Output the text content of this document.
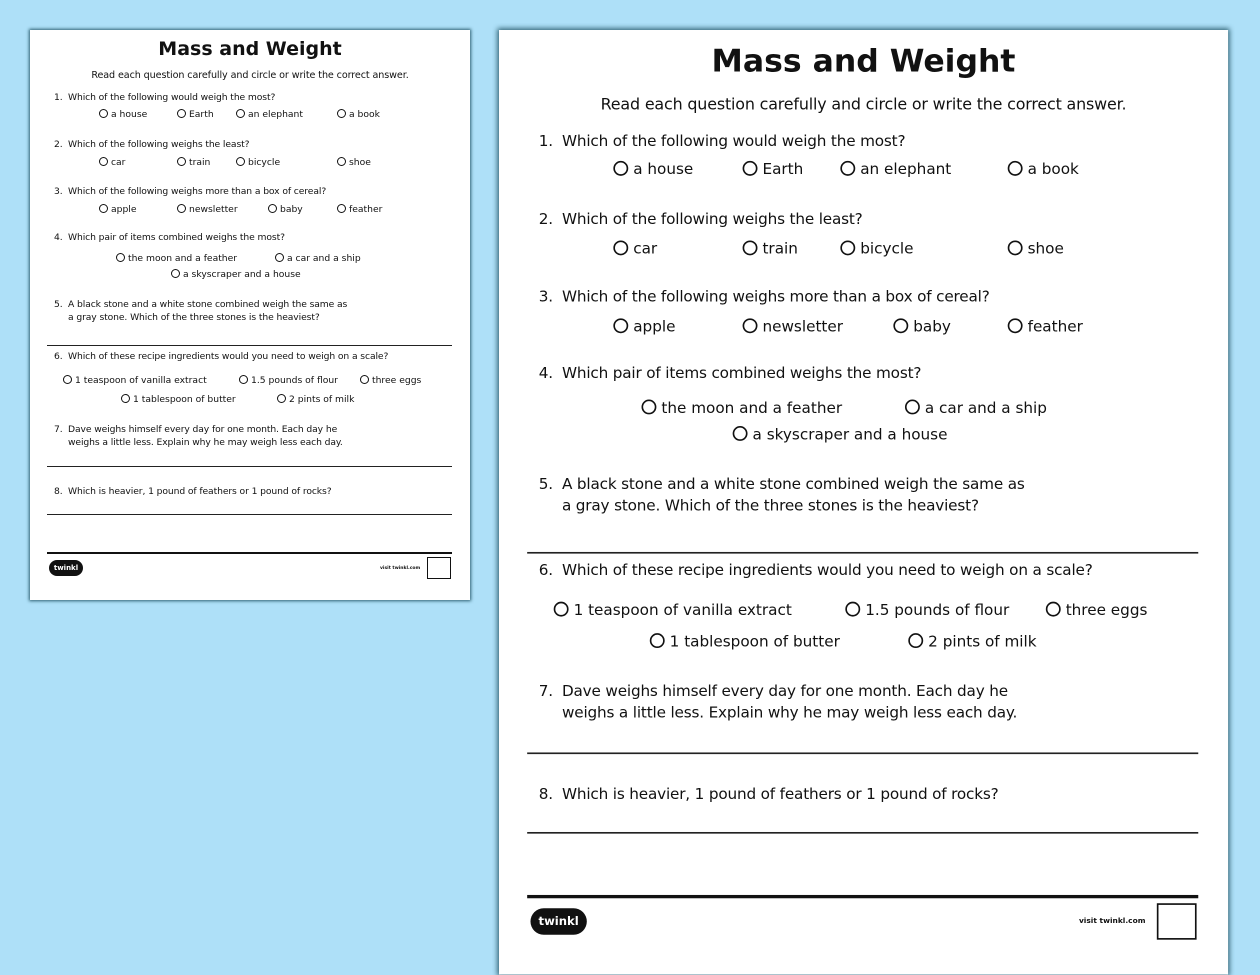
Mass and Weight
Read each question carefully and circle or write the correct answer.
1. Which of the following would weigh the most?
a house	Earth	an elephant	a book
2. Which of the following weighs the least?
car	train	bicycle	shoe
3. Which of the following weighs more than a box of cereal?
apple	newsletter	baby	feather
4. Which pair of items combined weighs the most?
the moon and a feather	a car and a ship
a skyscraper and a house
5. A black stone and a white stone combined weigh the same as
a gray stone. Which of the three stones is the heaviest?
6. Which of these recipe ingredients would you need to weigh on a scale?
1 teaspoon of vanilla extract	1.5 pounds of flour	three eggs
1 tablespoon of butter	2 pints of milk
7. Dave weighs himself every day for one month. Each day he
weighs a little less. Explain why he may weigh less each day.
8. Which is heavier, 1 pound of feathers or 1 pound of rocks?
twinkl	visit twinkl.com
Mass and Weight
Read each question carefully and circle or write the correct answer.
1. Which of the following would weigh the most?
a house	Earth	an elephant	a book
2. Which of the following weighs the least?
car	train	bicycle	shoe
3. Which of the following weighs more than a box of cereal?
apple	newsletter	baby	feather
4. Which pair of items combined weighs the most?
the moon and a feather	a car and a ship
a skyscraper and a house
5. A black stone and a white stone combined weigh the same as
a gray stone. Which of the three stones is the heaviest?
6. Which of these recipe ingredients would you need to weigh on a scale?
1 teaspoon of vanilla extract	1.5 pounds of flour	three eggs
1 tablespoon of butter	2 pints of milk
7. Dave weighs himself every day for one month. Each day he
weighs a little less. Explain why he may weigh less each day.
8. Which is heavier, 1 pound of feathers or 1 pound of rocks?
twinkl	visit twinkl.com
